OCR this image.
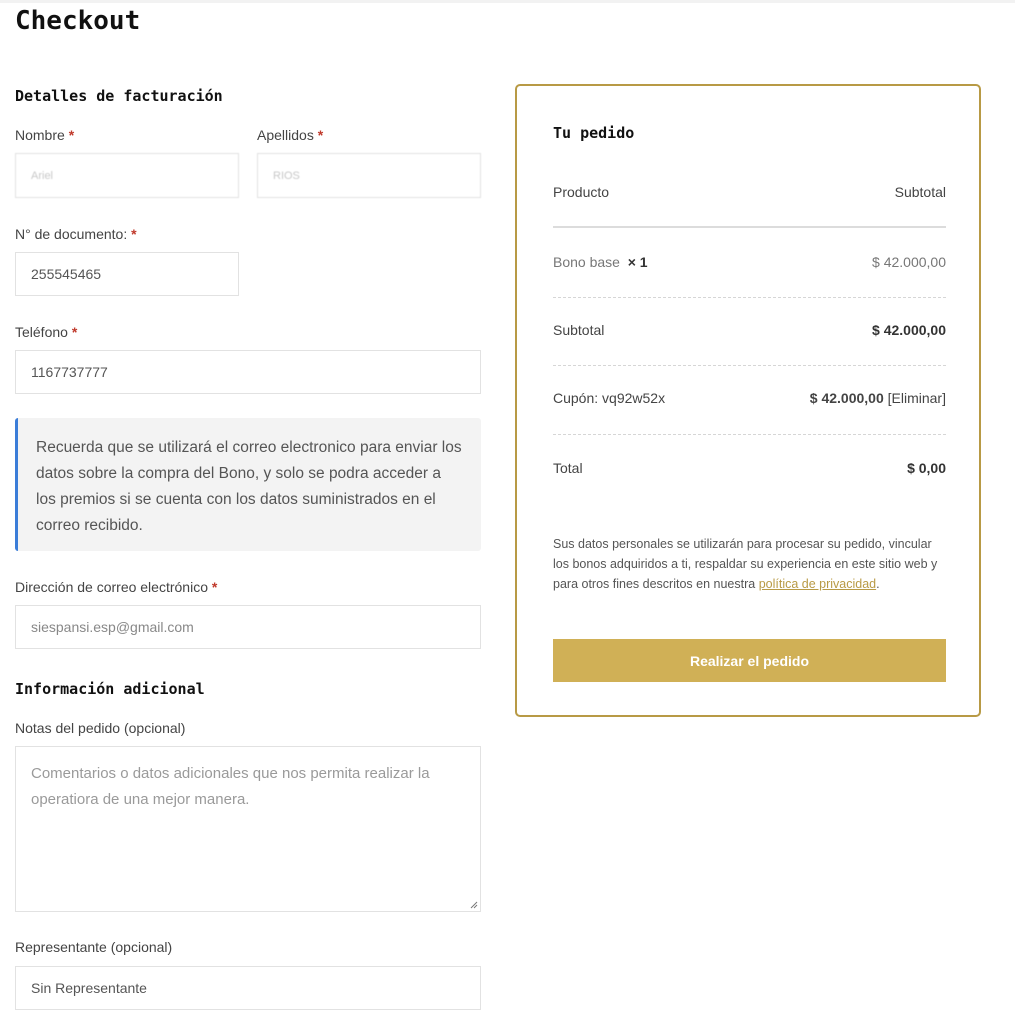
Checkout
Detalles de facturación
Nombre *
Ariel
Apellidos *
RIOS
N° de documento: *
255545465
Teléfono *
1167737777
Recuerda que se utilizará el correo electronico para enviar los datos sobre la compra del Bono, y solo se podra acceder a los premios si se cuenta con los datos suministrados en el correo recibido.
Dirección de correo electrónico *
siespansi.esp@gmail.com
Información adicional
Notas del pedido (opcional)
Comentarios o datos adicionales que nos permita realizar la operatiora de una mejor manera.
Representante (opcional)
Sin Representante
Tu pedido
Producto	Subtotal
Bono base × 1	$ 42.000,00
Subtotal	$ 42.000,00
Cupón: vq92w52x	$ 42.000,00 [Eliminar]
Total	$ 0,00
Sus datos personales se utilizarán para procesar su pedido, vincular los bonos adquiridos a ti, respaldar su experiencia en este sitio web y para otros fines descritos en nuestra política de privacidad.
Realizar el pedido
